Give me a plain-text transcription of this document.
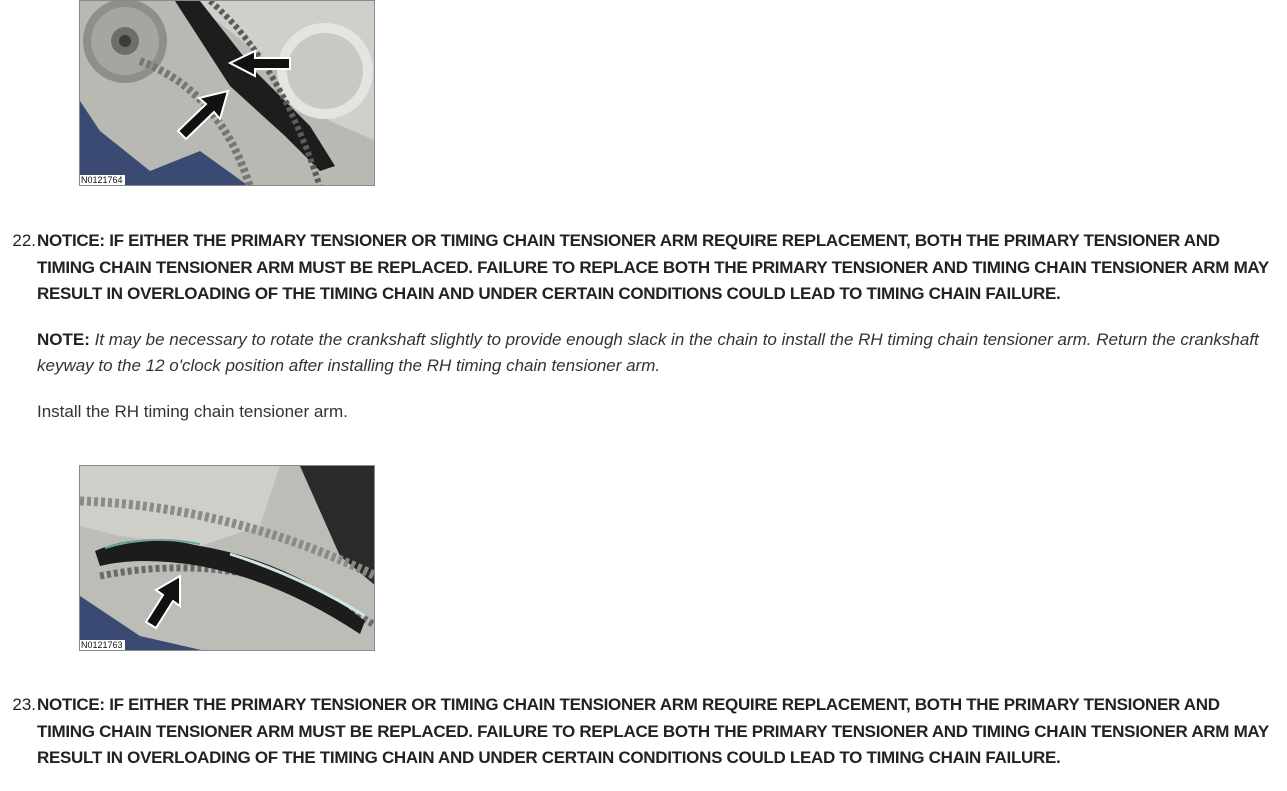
N0121764
22. NOTICE: IF EITHER THE PRIMARY TENSIONER OR TIMING CHAIN TENSIONER ARM REQUIRE REPLACEMENT, BOTH THE PRIMARY TENSIONER AND TIMING CHAIN TENSIONER ARM MUST BE REPLACED. FAILURE TO REPLACE BOTH THE PRIMARY TENSIONER AND TIMING CHAIN TENSIONER ARM MAY RESULT IN OVERLOADING OF THE TIMING CHAIN AND UNDER CERTAIN CONDITIONS COULD LEAD TO TIMING CHAIN FAILURE.
NOTE: It may be necessary to rotate the crankshaft slightly to provide enough slack in the chain to install the RH timing chain tensioner arm. Return the crankshaft keyway to the 12 o'clock position after installing the RH timing chain tensioner arm.
Install the RH timing chain tensioner arm.
N0121763
23. NOTICE: IF EITHER THE PRIMARY TENSIONER OR TIMING CHAIN TENSIONER ARM REQUIRE REPLACEMENT, BOTH THE PRIMARY TENSIONER AND TIMING CHAIN TENSIONER ARM MUST BE REPLACED. FAILURE TO REPLACE BOTH THE PRIMARY TENSIONER AND TIMING CHAIN TENSIONER ARM MAY RESULT IN OVERLOADING OF THE TIMING CHAIN AND UNDER CERTAIN CONDITIONS COULD LEAD TO TIMING CHAIN FAILURE.
